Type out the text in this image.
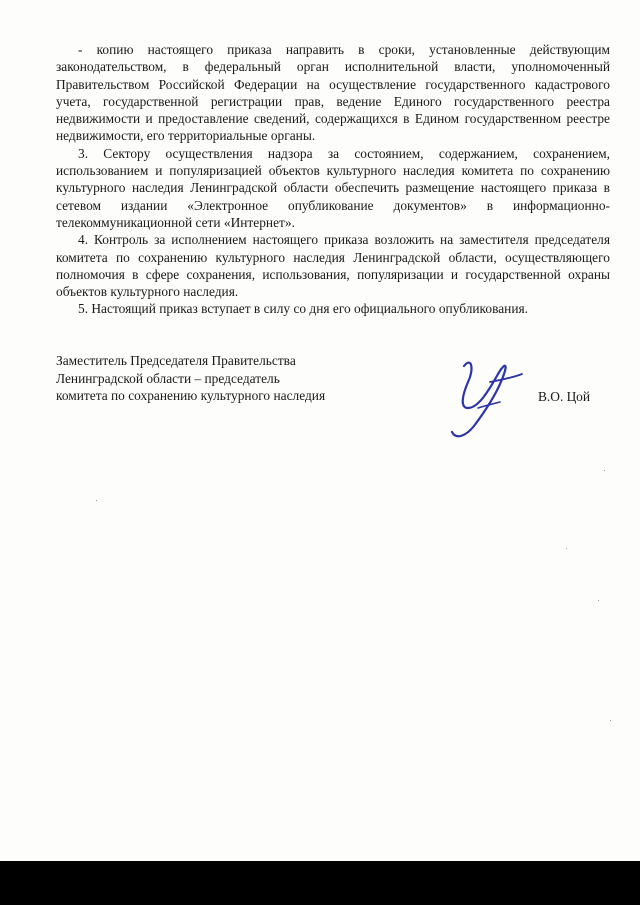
- копию настоящего приказа направить в сроки, установленные действующим законодательством, в федеральный орган исполнительной власти, уполномоченный Правительством Российской Федерации на осуществление государственного кадастрового учета, государственной регистрации прав, ведение Единого государственного реестра недвижимости и предоставление сведений, содержащихся в Едином государственном реестре недвижимости, его территориальные органы.

3. Сектору осуществления надзора за состоянием, содержанием, сохранением, использованием и популяризацией объектов культурного наследия комитета по сохранению культурного наследия Ленинградской области обеспечить размещение настоящего приказа в сетевом издании «Электронное опубликование документов» в информационно-телекоммуникационной сети «Интернет».

4. Контроль за исполнением настоящего приказа возложить на заместителя председателя комитета по сохранению культурного наследия Ленинградской области, осуществляющего полномочия в сфере сохранения, использования, популяризации и государственной охраны объектов культурного наследия.

5. Настоящий приказ вступает в силу со дня его официального опубликования.

Заместитель Председателя Правительства
Ленинградской области – председатель
комитета по сохранению культурного наследия	В.О. Цой
